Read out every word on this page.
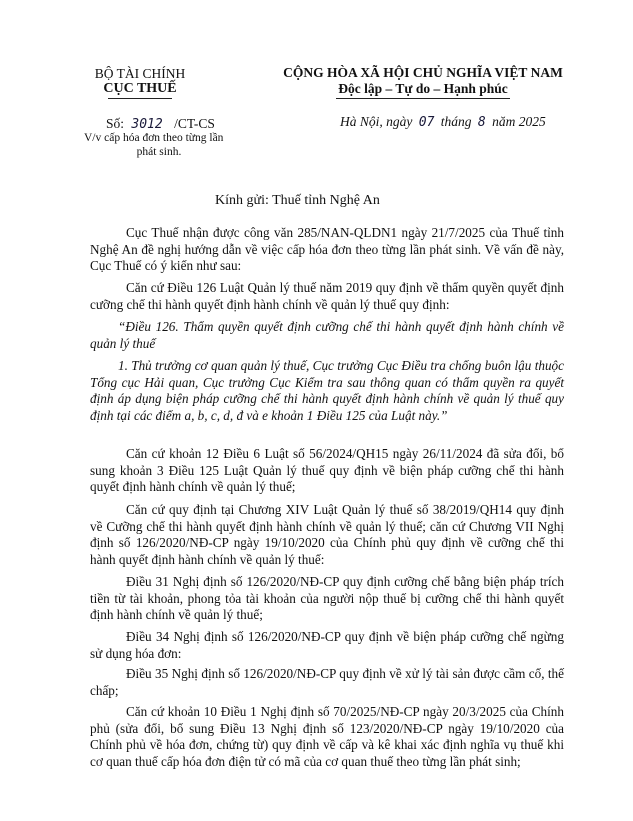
BỘ TÀI CHÍNH
CỤC THUẾ
CỘNG HÒA XÃ HỘI CHỦ NGHĨA VIỆT NAM
Độc lập – Tự do – Hạnh phúc
Số: 3012 /CT-CS
V/v cấp hóa đơn theo từng lần
phát sinh.
Hà Nội, ngày 07 tháng 8 năm 2025
Kính gửi: Thuế tỉnh Nghệ An
Cục Thuế nhận được công văn 285/NAN-QLDN1 ngày 21/7/2025 của Thuế tỉnh Nghệ An đề nghị hướng dẫn về việc cấp hóa đơn theo từng lần phát sinh. Về vấn đề này, Cục Thuế có ý kiến như sau:
Căn cứ Điều 126 Luật Quản lý thuế năm 2019 quy định về thẩm quyền quyết định cưỡng chế thi hành quyết định hành chính về quản lý thuế quy định:
“Điều 126. Thẩm quyền quyết định cưỡng chế thi hành quyết định hành chính về quản lý thuế
1. Thủ trưởng cơ quan quản lý thuế, Cục trưởng Cục Điều tra chống buôn lậu thuộc Tổng cục Hải quan, Cục trưởng Cục Kiểm tra sau thông quan có thẩm quyền ra quyết định áp dụng biện pháp cưỡng chế thi hành quyết định hành chính về quản lý thuế quy định tại các điểm a, b, c, d, đ và e khoản 1 Điều 125 của Luật này.”
Căn cứ khoản 12 Điều 6 Luật số 56/2024/QH15 ngày 26/11/2024 đã sửa đổi, bổ sung khoản 3 Điều 125 Luật Quản lý thuế quy định về biện pháp cưỡng chế thi hành quyết định hành chính về quản lý thuế;
Căn cứ quy định tại Chương XIV Luật Quản lý thuế số 38/2019/QH14 quy định về Cưỡng chế thi hành quyết định hành chính về quản lý thuế; căn cứ Chương VII Nghị định số 126/2020/NĐ-CP ngày 19/10/2020 của Chính phủ quy định về cưỡng chế thi hành quyết định hành chính về quản lý thuế:
Điều 31 Nghị định số 126/2020/NĐ-CP quy định cưỡng chế bằng biện pháp trích tiền từ tài khoản, phong tỏa tài khoản của người nộp thuế bị cưỡng chế thi hành quyết định hành chính về quản lý thuế;
Điều 34 Nghị định số 126/2020/NĐ-CP quy định về biện pháp cưỡng chế ngừng sử dụng hóa đơn:
Điều 35 Nghị định số 126/2020/NĐ-CP quy định về xử lý tài sản được cầm cố, thế chấp;
Căn cứ khoản 10 Điều 1 Nghị định số 70/2025/NĐ-CP ngày 20/3/2025 của Chính phủ (sửa đổi, bổ sung Điều 13 Nghị định số 123/2020/NĐ-CP ngày 19/10/2020 của Chính phủ về hóa đơn, chứng từ) quy định về cấp và kê khai xác định nghĩa vụ thuế khi cơ quan thuế cấp hóa đơn điện tử có mã của cơ quan thuế theo từng lần phát sinh;
